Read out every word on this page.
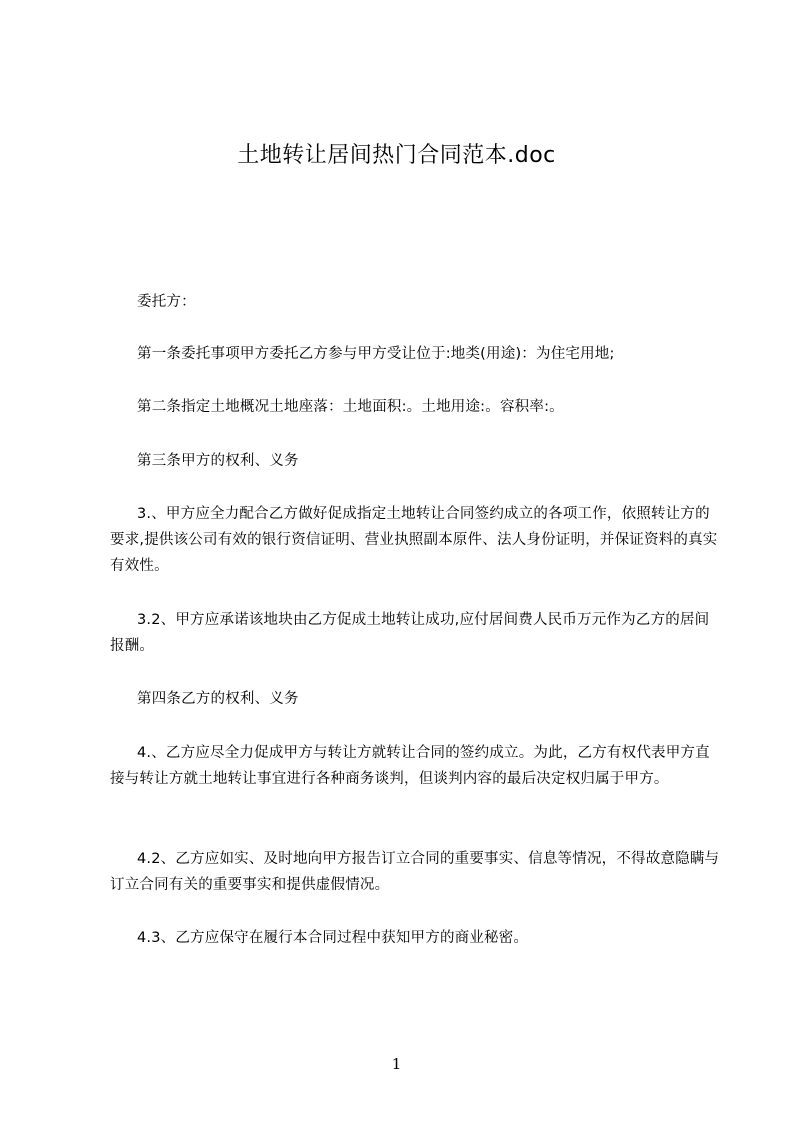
土地转让居间热门合同范本.doc

委托方：

第一条委托事项甲方委托乙方参与甲方受让位于:地类(用途)：为住宅用地;

第二条指定土地概况土地座落：土地面积:。土地用途:。容积率:。

第三条甲方的权利、义务

3.、甲方应全力配合乙方做好促成指定土地转让合同签约成立的各项工作，依照转让方的要求,提供该公司有效的银行资信证明、营业执照副本原件、法人身份证明，并保证资料的真实有效性。

3.2、甲方应承诺该地块由乙方促成土地转让成功,应付居间费人民币万元作为乙方的居间报酬。

第四条乙方的权利、义务

4.、乙方应尽全力促成甲方与转让方就转让合同的签约成立。为此，乙方有权代表甲方直接与转让方就土地转让事宜进行各种商务谈判，但谈判内容的最后决定权归属于甲方。

4.2、乙方应如实、及时地向甲方报告订立合同的重要事实、信息等情况，不得故意隐瞒与订立合同有关的重要事实和提供虚假情况。

4.3、乙方应保守在履行本合同过程中获知甲方的商业秘密。

1
